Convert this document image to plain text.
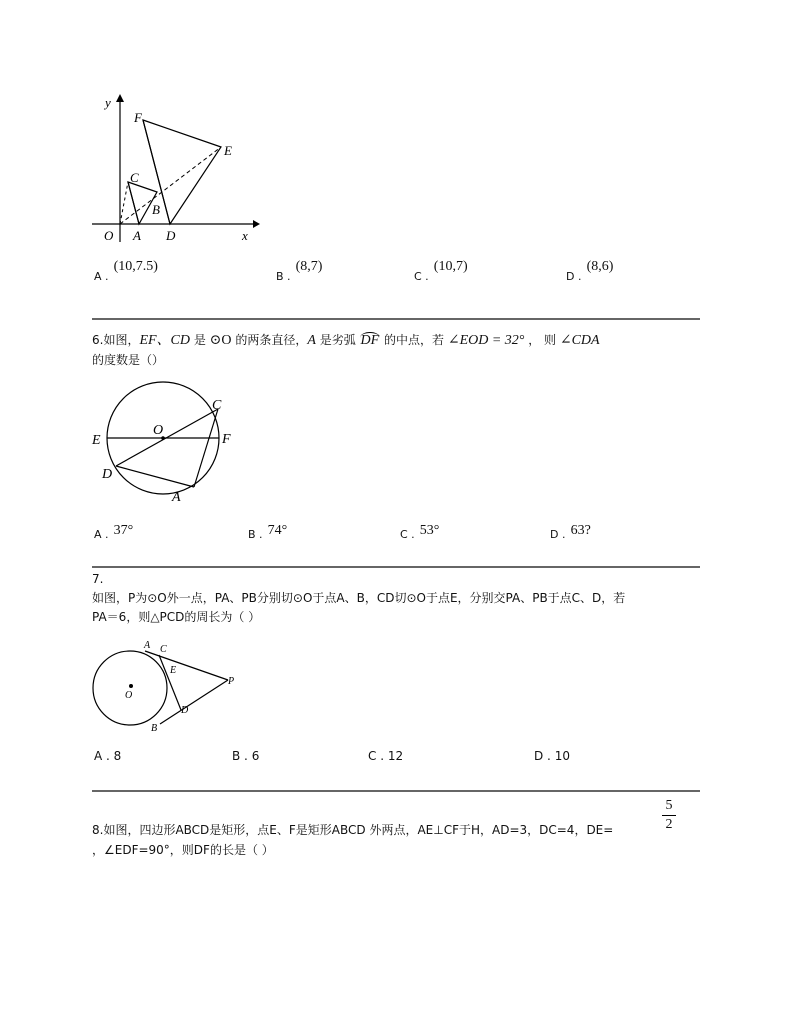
y
x
O A D
B
C
F
E
A . (10,7.5)
B . (8,7)
C . (10,7)
D . (8,6)
6.如图，EF、CD 是 ⊙O 的两条直径，A 是劣弧 DF 的中点，若 ∠EOD = 32° ， 则 ∠CDA
的度数是（）
C
E
O
F
D
A
A . 37°	B . 74°	C . 53°	D . 63?
7.
如图，P为⊙O外一点，PA、PB分别切⊙O于点A、B，CD切⊙O于点E，分别交PA、PB于点C、D，若
PA＝6，则△PCD的周长为（ ）
A C
E
O
P
D
B
A . 8	B . 6	C . 12	D . 10
8.如图，四边形ABCD是矩形，点E、F是矩形ABCD 外两点，AE⊥CF于H，AD=3，DC=4，DE=
5
2
，∠EDF=90°，则DF的长是（ ）
